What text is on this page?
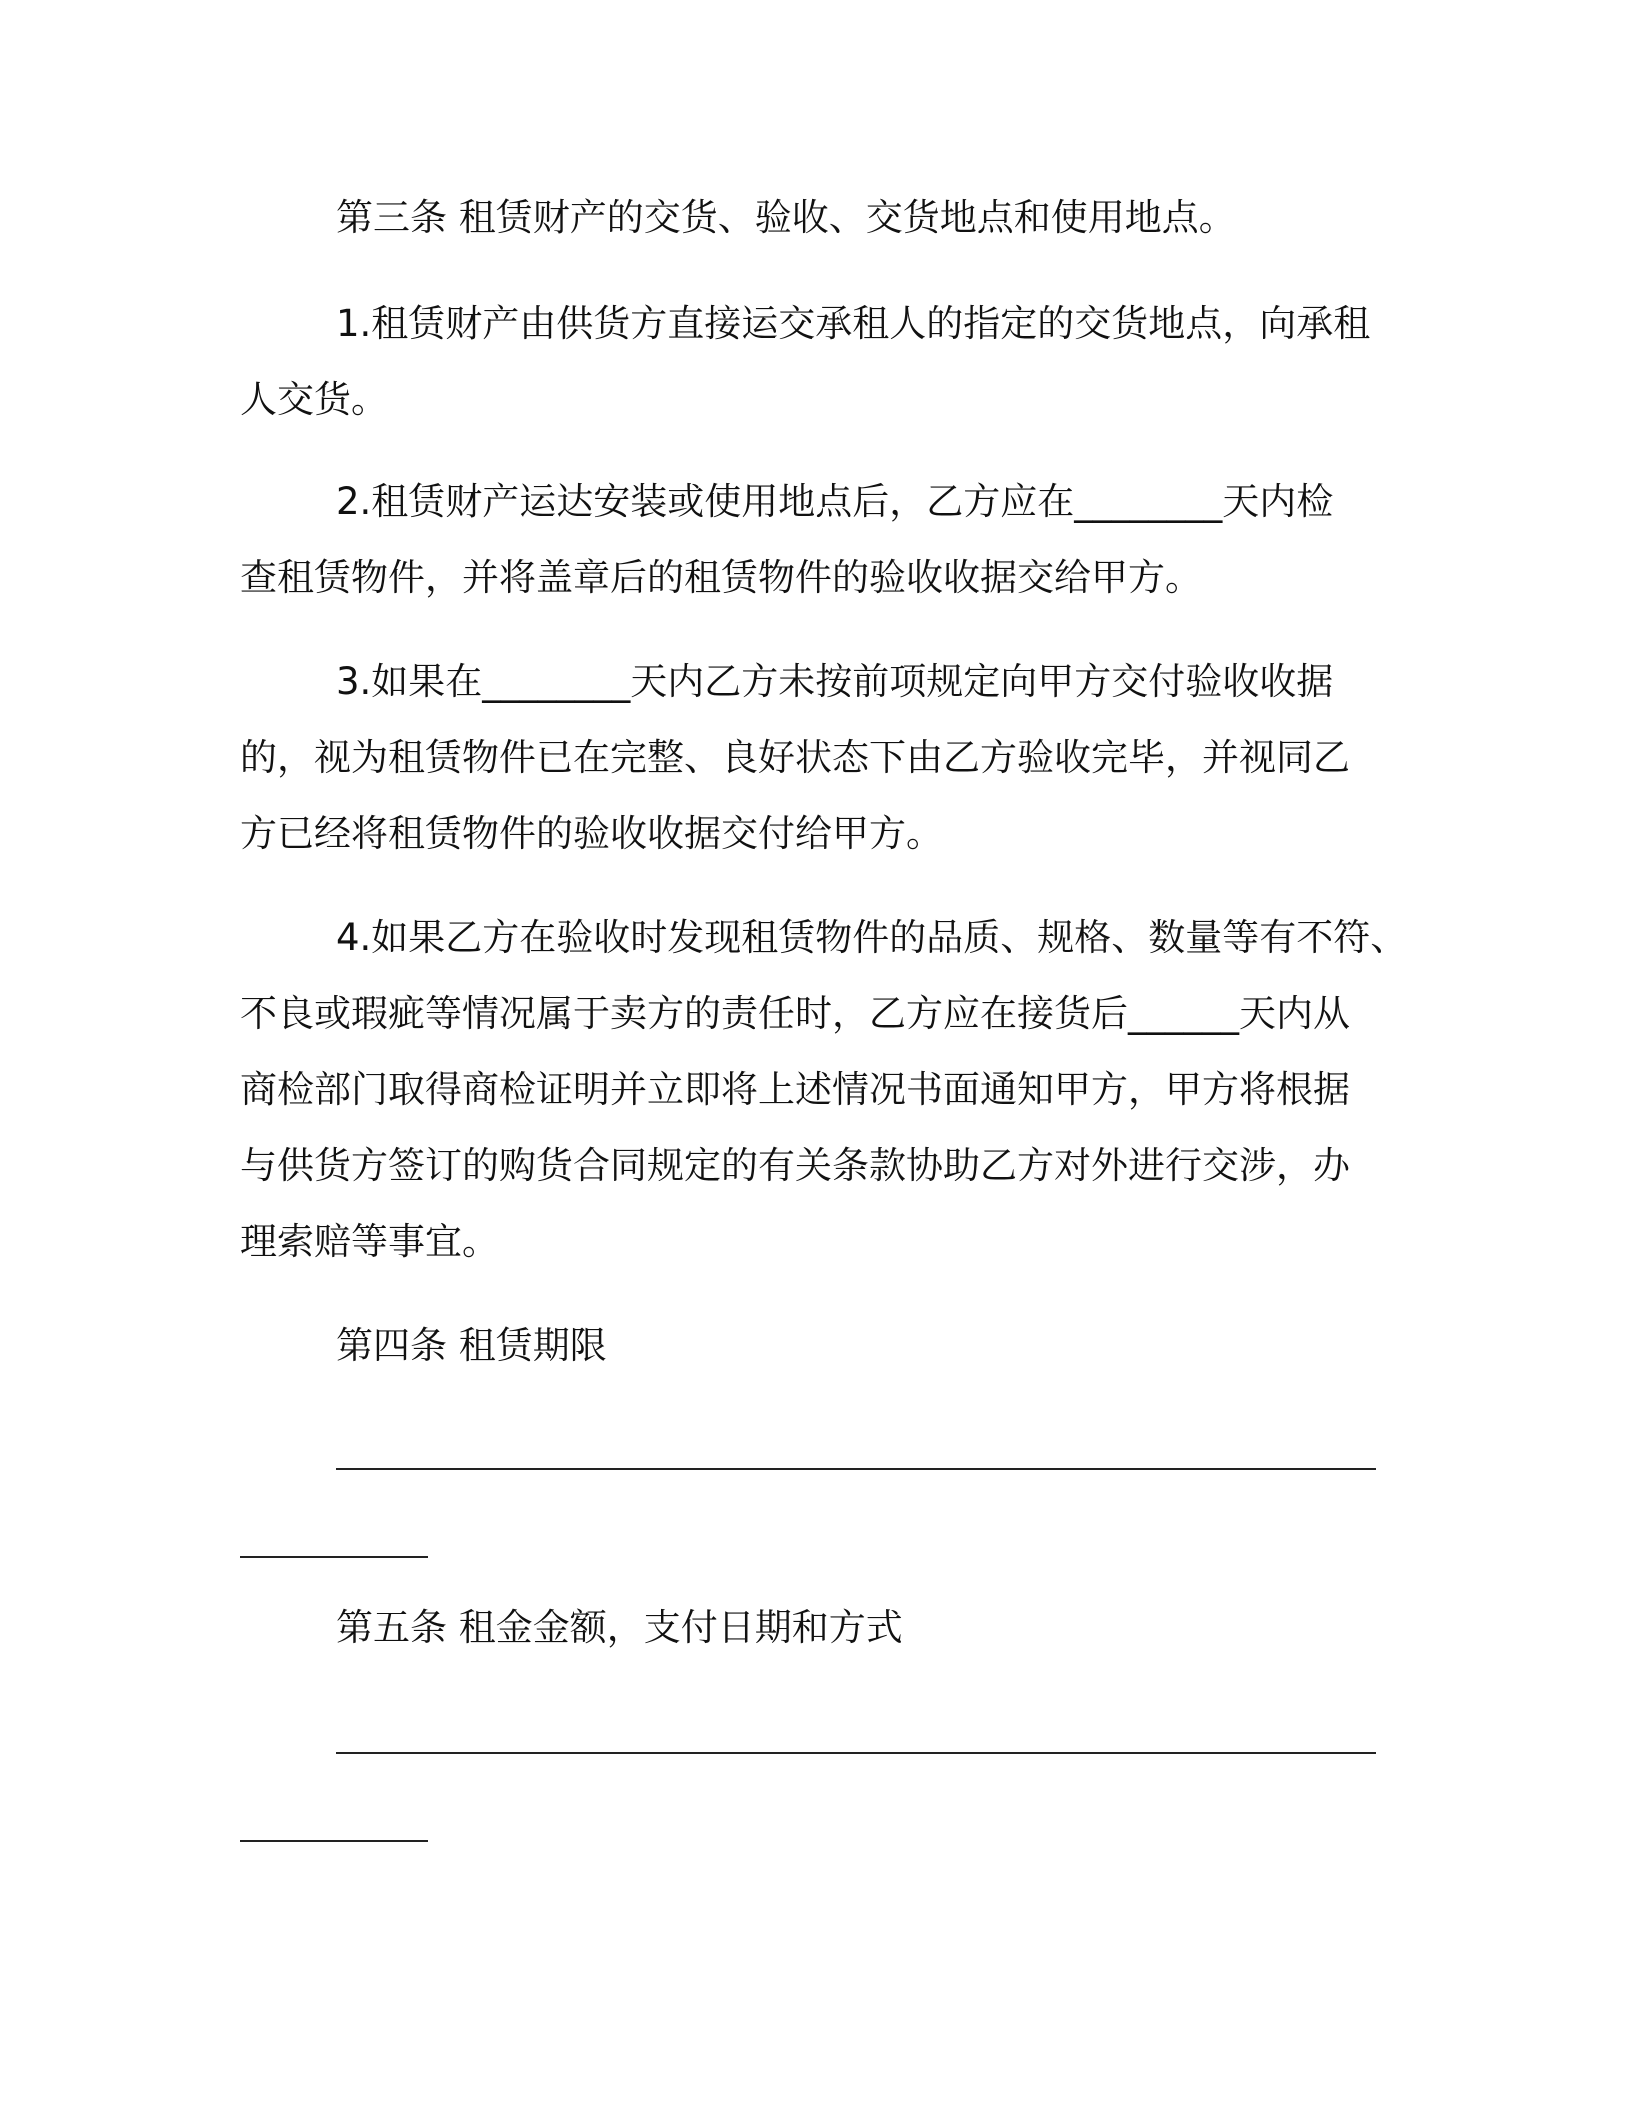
第三条 租赁财产的交货、验收、交货地点和使用地点。
1.租赁财产由供货方直接运交承租人的指定的交货地点，向承租
人交货。
2.租赁财产运达安装或使用地点后，乙方应在________天内检
查租赁物件，并将盖章后的租赁物件的验收收据交给甲方。
3.如果在________天内乙方未按前项规定向甲方交付验收收据
的，视为租赁物件已在完整、良好状态下由乙方验收完毕，并视同乙
方已经将租赁物件的验收收据交付给甲方。
4.如果乙方在验收时发现租赁物件的品质、规格、数量等有不符、
不良或瑕疵等情况属于卖方的责任时，乙方应在接货后______天内从
商检部门取得商检证明并立即将上述情况书面通知甲方，甲方将根据
与供货方签订的购货合同规定的有关条款协助乙方对外进行交涉，办
理索赔等事宜。
第四条 租赁期限
第五条 租金金额，支付日期和方式
